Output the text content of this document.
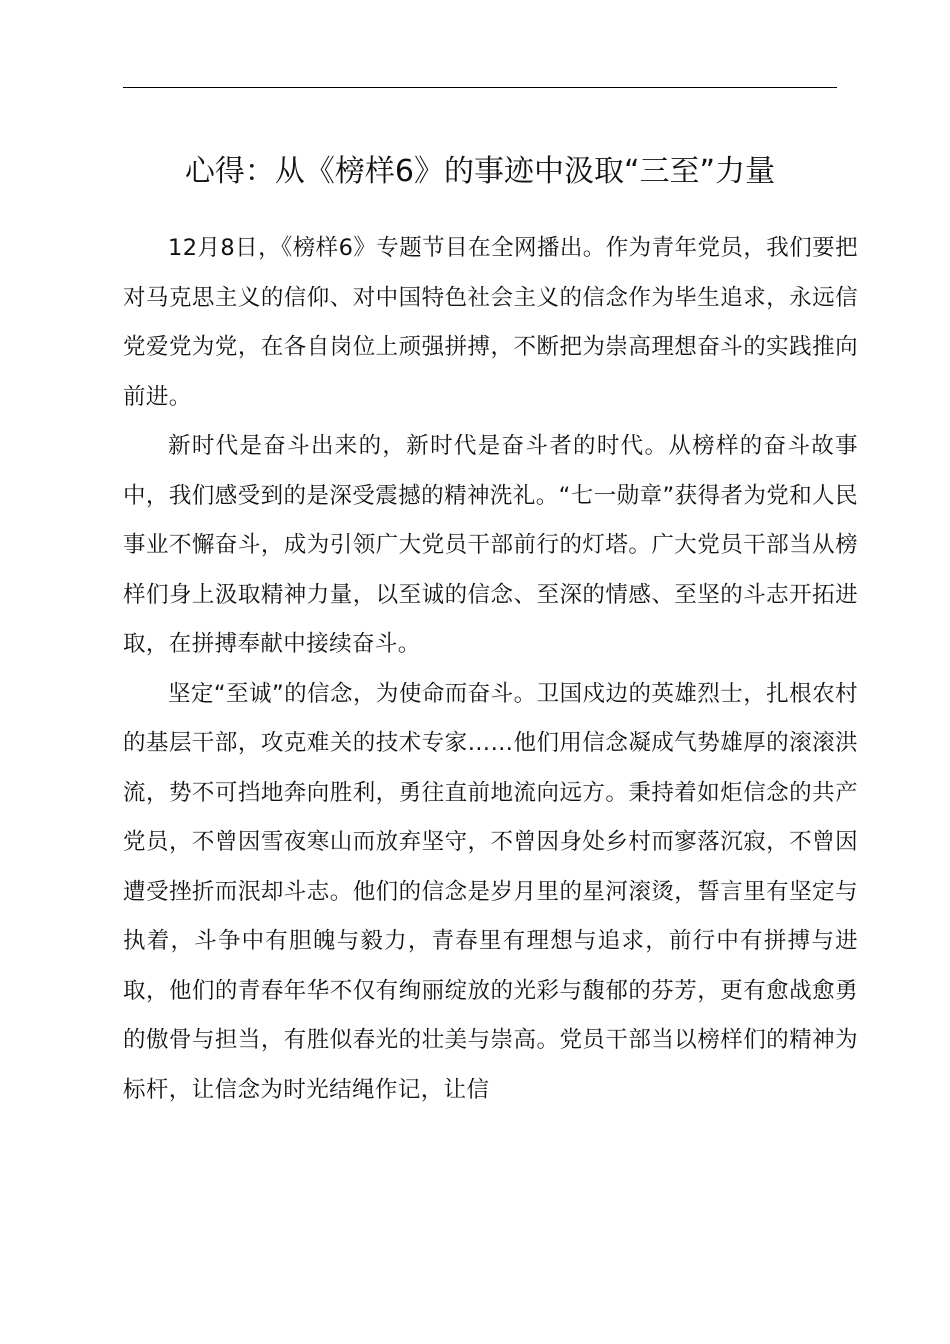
心得：从《榜样6》的事迹中汲取“三至”力量

12月8日，《榜样6》专题节目在全网播出。作为青年党员，我们要把对马克思主义的信仰、对中国特色社会主义的信念作为毕生追求，永远信党爱党为党，在各自岗位上顽强拼搏，不断把为崇高理想奋斗的实践推向前进。

新时代是奋斗出来的，新时代是奋斗者的时代。从榜样的奋斗故事中，我们感受到的是深受震撼的精神洗礼。“七一勋章”获得者为党和人民事业不懈奋斗，成为引领广大党员干部前行的灯塔。广大党员干部当从榜样们身上汲取精神力量，以至诚的信念、至深的情感、至坚的斗志开拓进取，在拼搏奉献中接续奋斗。

坚定“至诚”的信念，为使命而奋斗。卫国戍边的英雄烈士，扎根农村的基层干部，攻克难关的技术专家……他们用信念凝成气势雄厚的滚滚洪流，势不可挡地奔向胜利，勇往直前地流向远方。秉持着如炬信念的共产党员，不曾因雪夜寒山而放弃坚守，不曾因身处乡村而寥落沉寂，不曾因遭受挫折而泯却斗志。他们的信念是岁月里的星河滚烫，誓言里有坚定与执着，斗争中有胆魄与毅力，青春里有理想与追求，前行中有拼搏与进取，他们的青春年华不仅有绚丽绽放的光彩与馥郁的芬芳，更有愈战愈勇的傲骨与担当，有胜似春光的壮美与崇高。党员干部当以榜样们的精神为标杆，让信念为时光结绳作记，让信
